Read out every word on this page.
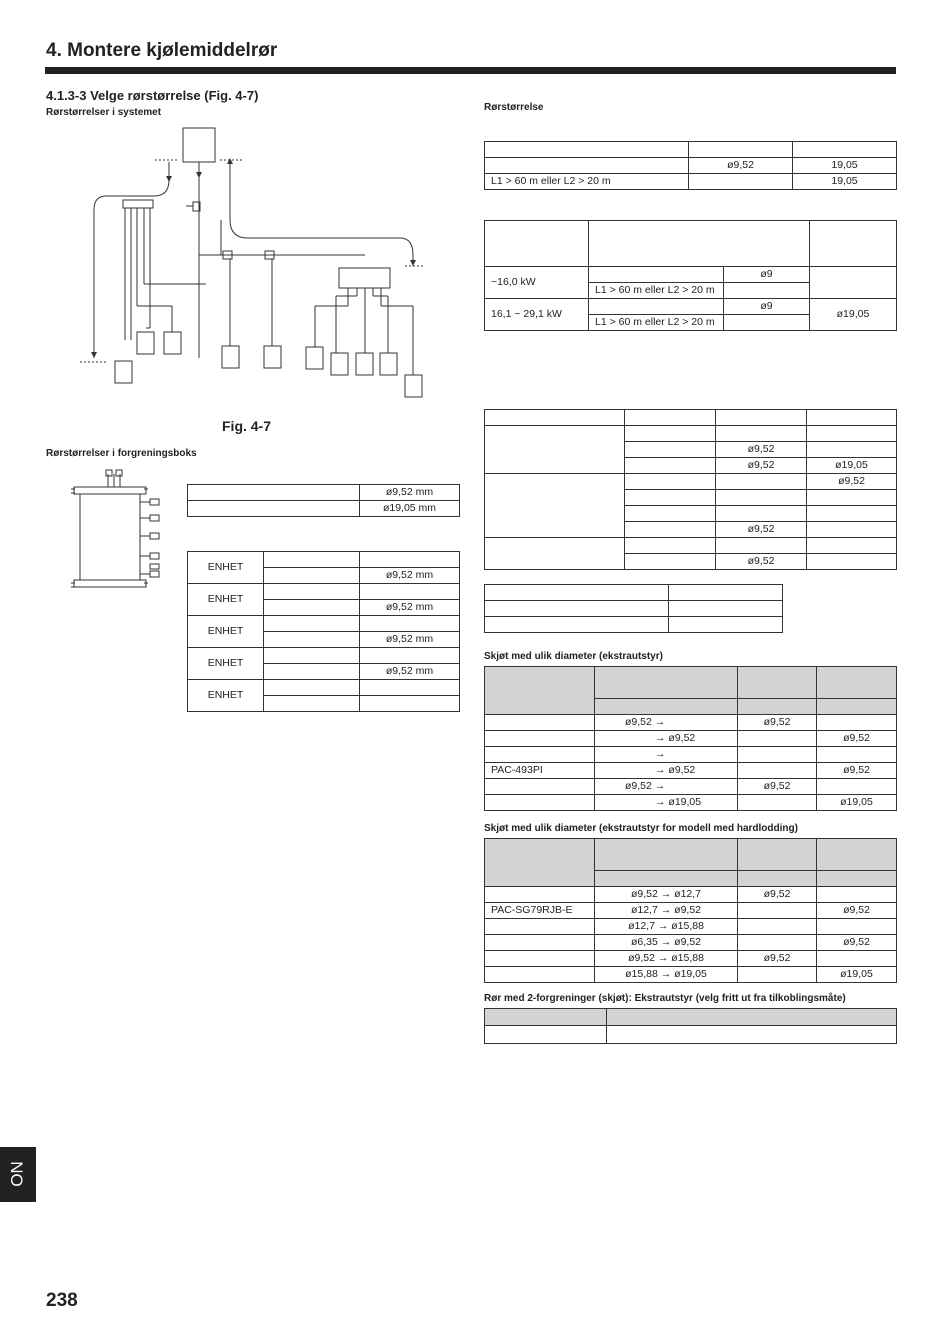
4. Montere kjølemiddelrør
4.1.3-3 Velge rørstørrelse (Fig. 4-7)
Rørstørrelser i systemet	Rørstørrelse
Fig. 4-7
Rørstørrelser i forgreningsboks
	ø9,52 mm
	ø19,05 mm
ENHET		
		ø9,52 mm
ENHET		
		ø9,52 mm
ENHET		
		ø9,52 mm
ENHET		
		ø9,52 mm
ENHET		

	ø9,52	19,05
L1 > 60 m eller L2 > 20 m		19,05

~16,0 kW		ø9	
	L1 > 60 m eller L2 > 20 m		
16,1 ~ 29,1 kW		ø9	ø19,05
	L1 > 60 m eller L2 > 20 m		

		ø9,52	
		ø9,52	ø19,05
			ø9,52

		ø9,52	

		ø9,52	

Skjøt med ulik diameter (ekstrautstyr)

	ø9,52 →	ø9,52	
	→ ø9,52		ø9,52
	→		
PAC-493PI	→ ø9,52		ø9,52
	ø9,52 →	ø9,52	
	→ ø19,05		ø19,05
Skjøt med ulik diameter (ekstrautstyr for modell med hardlodding)

	ø9,52 → ø12,7	ø9,52	
PAC-SG79RJB-E	ø12,7 → ø9,52		ø9,52
	ø12,7 → ø15,88		
	ø6,35 → ø9,52		ø9,52
	ø9,52 → ø15,88	ø9,52	
	ø15,88 → ø19,05		ø19,05
Rør med 2-forgreninger (skjøt): Ekstrautstyr (velg fritt ut fra tilkoblingsmåte)

NO
238
